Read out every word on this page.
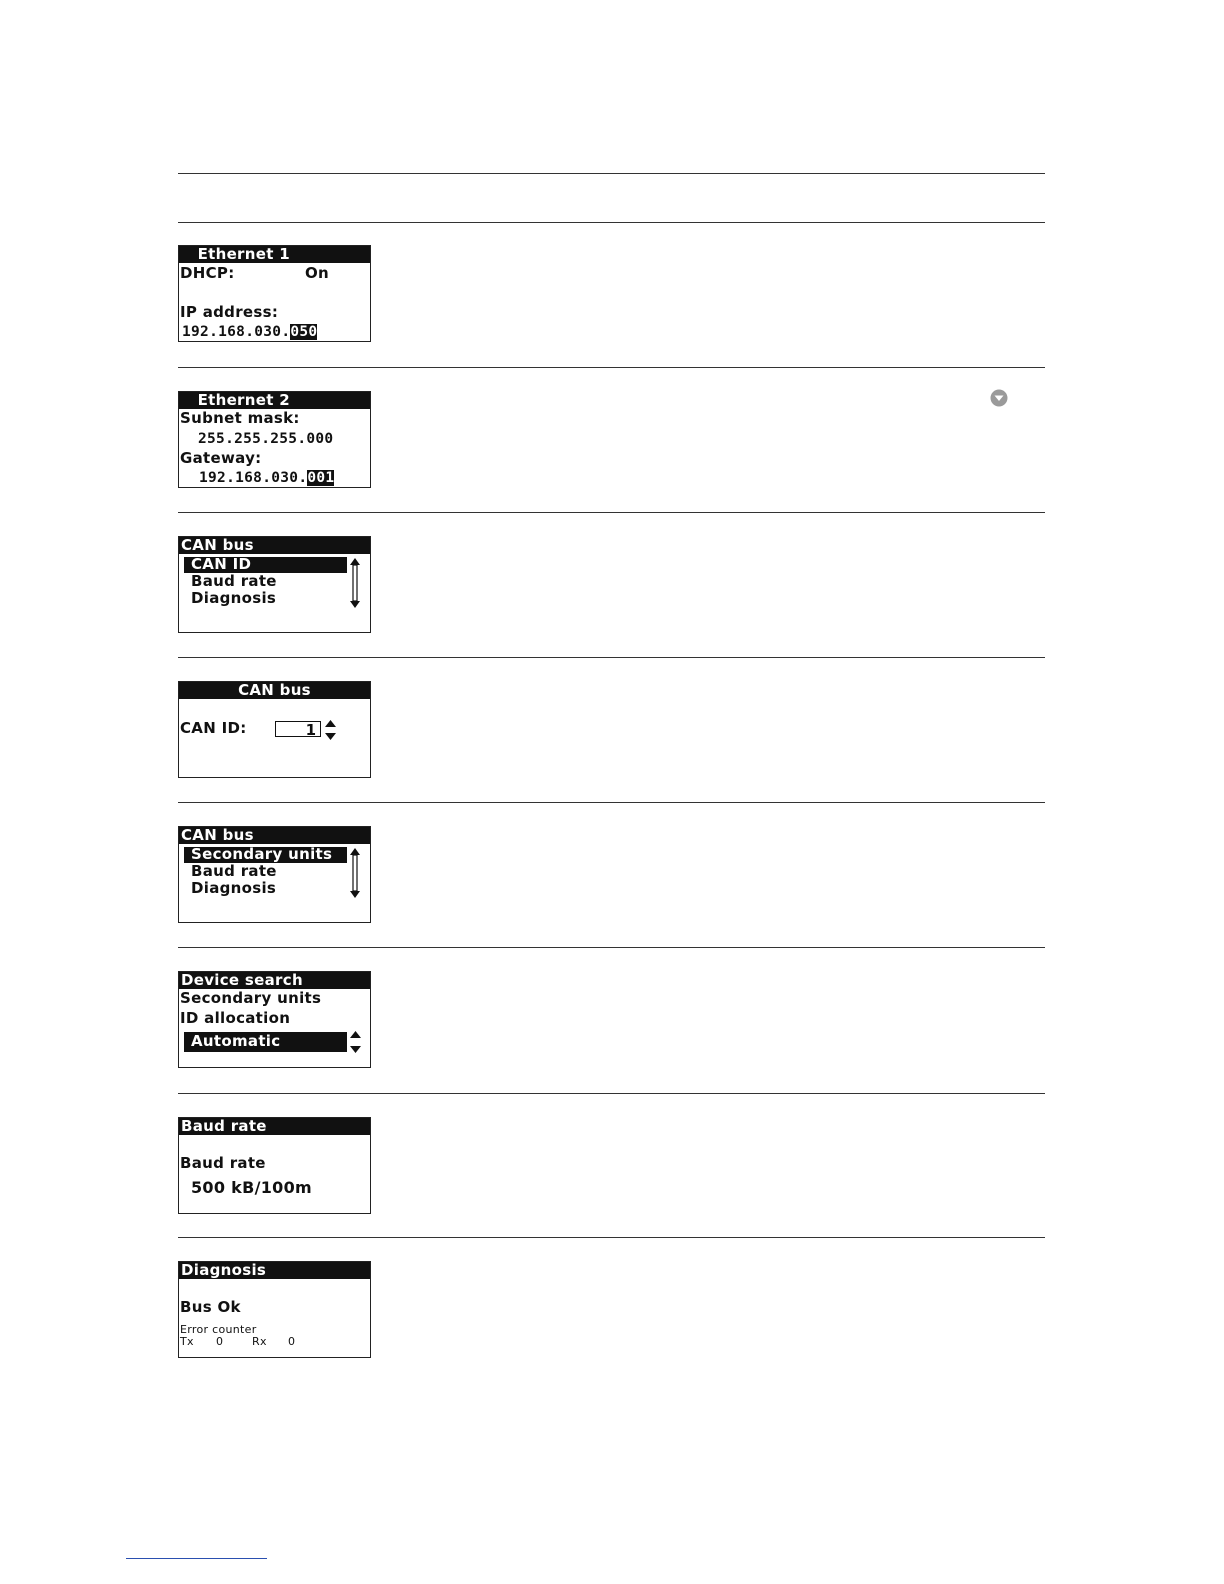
Ethernet 1
DHCP:	On
IP address:
192.168.030.050
Ethernet 2
Subnet mask:
255.255.255.000
Gateway:
192.168.030.001
CAN bus
CAN ID
Baud rate
Diagnosis
CAN bus
CAN ID:	1
CAN bus
Secondary units
Baud rate
Diagnosis
Device search
Secondary units
ID allocation
Automatic
Baud rate
Baud rate
500 kB/100m
Diagnosis
Bus Ok
Error counter
Tx 0	Rx 0
